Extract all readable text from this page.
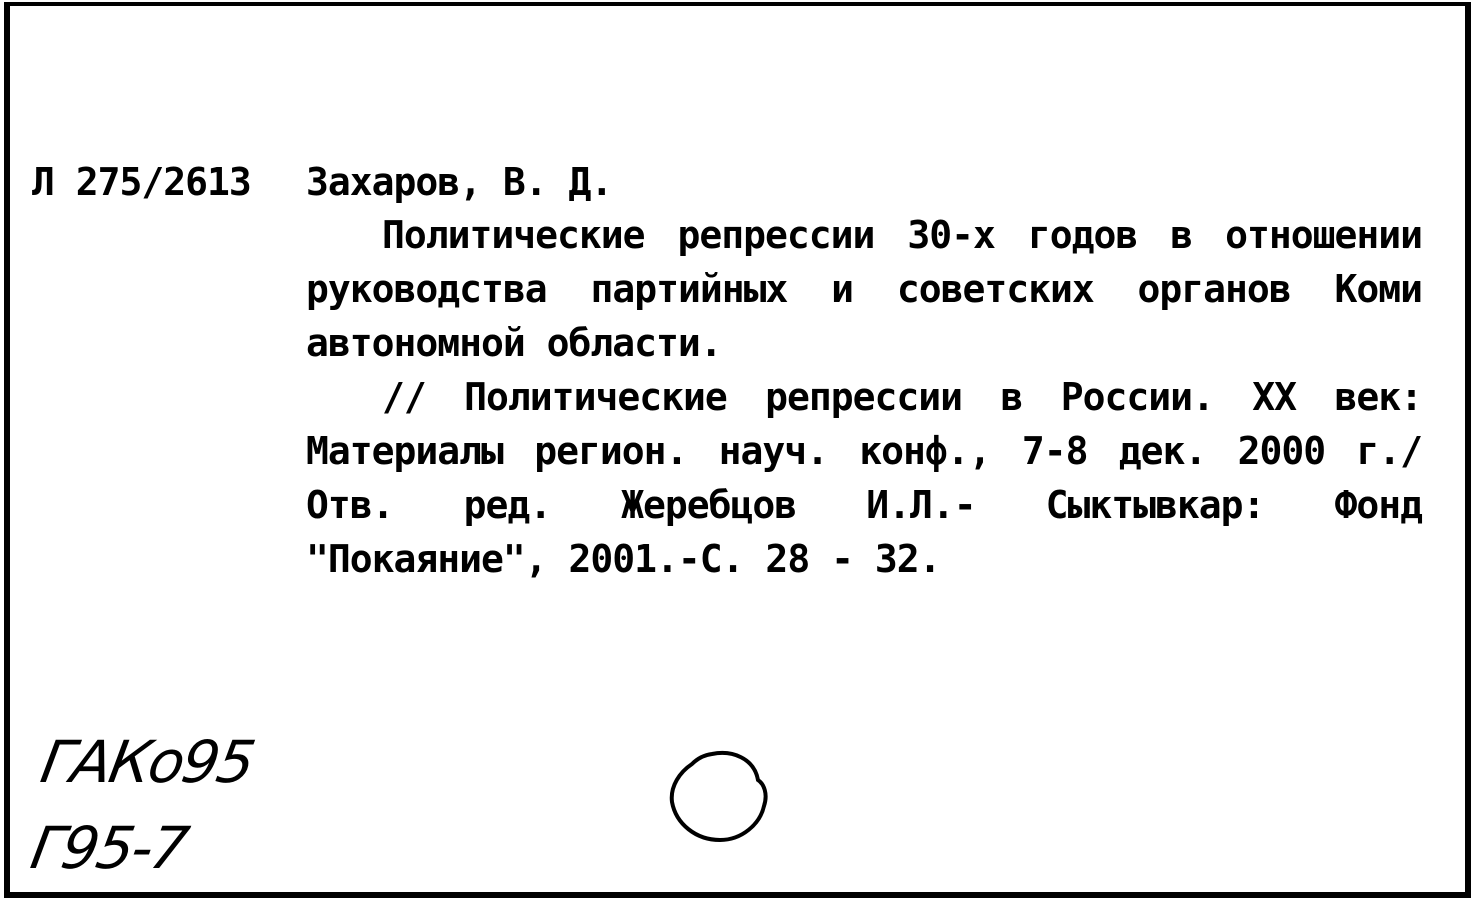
Л 275/2613 Захаров, В. Д.

Политические репрессии 30-х годов в отношении руководства партийных и советских органов Коми автономной области.

// Политические репрессии в России. XX век: Материалы регион. науч. конф., 7-8 дек. 2000 г./ Отв. ред. Жеребцов И.Л.- Сыктывкар: Фонд "Покаяние", 2001.-С. 28 - 32.

ГАКо95
Г95-7
